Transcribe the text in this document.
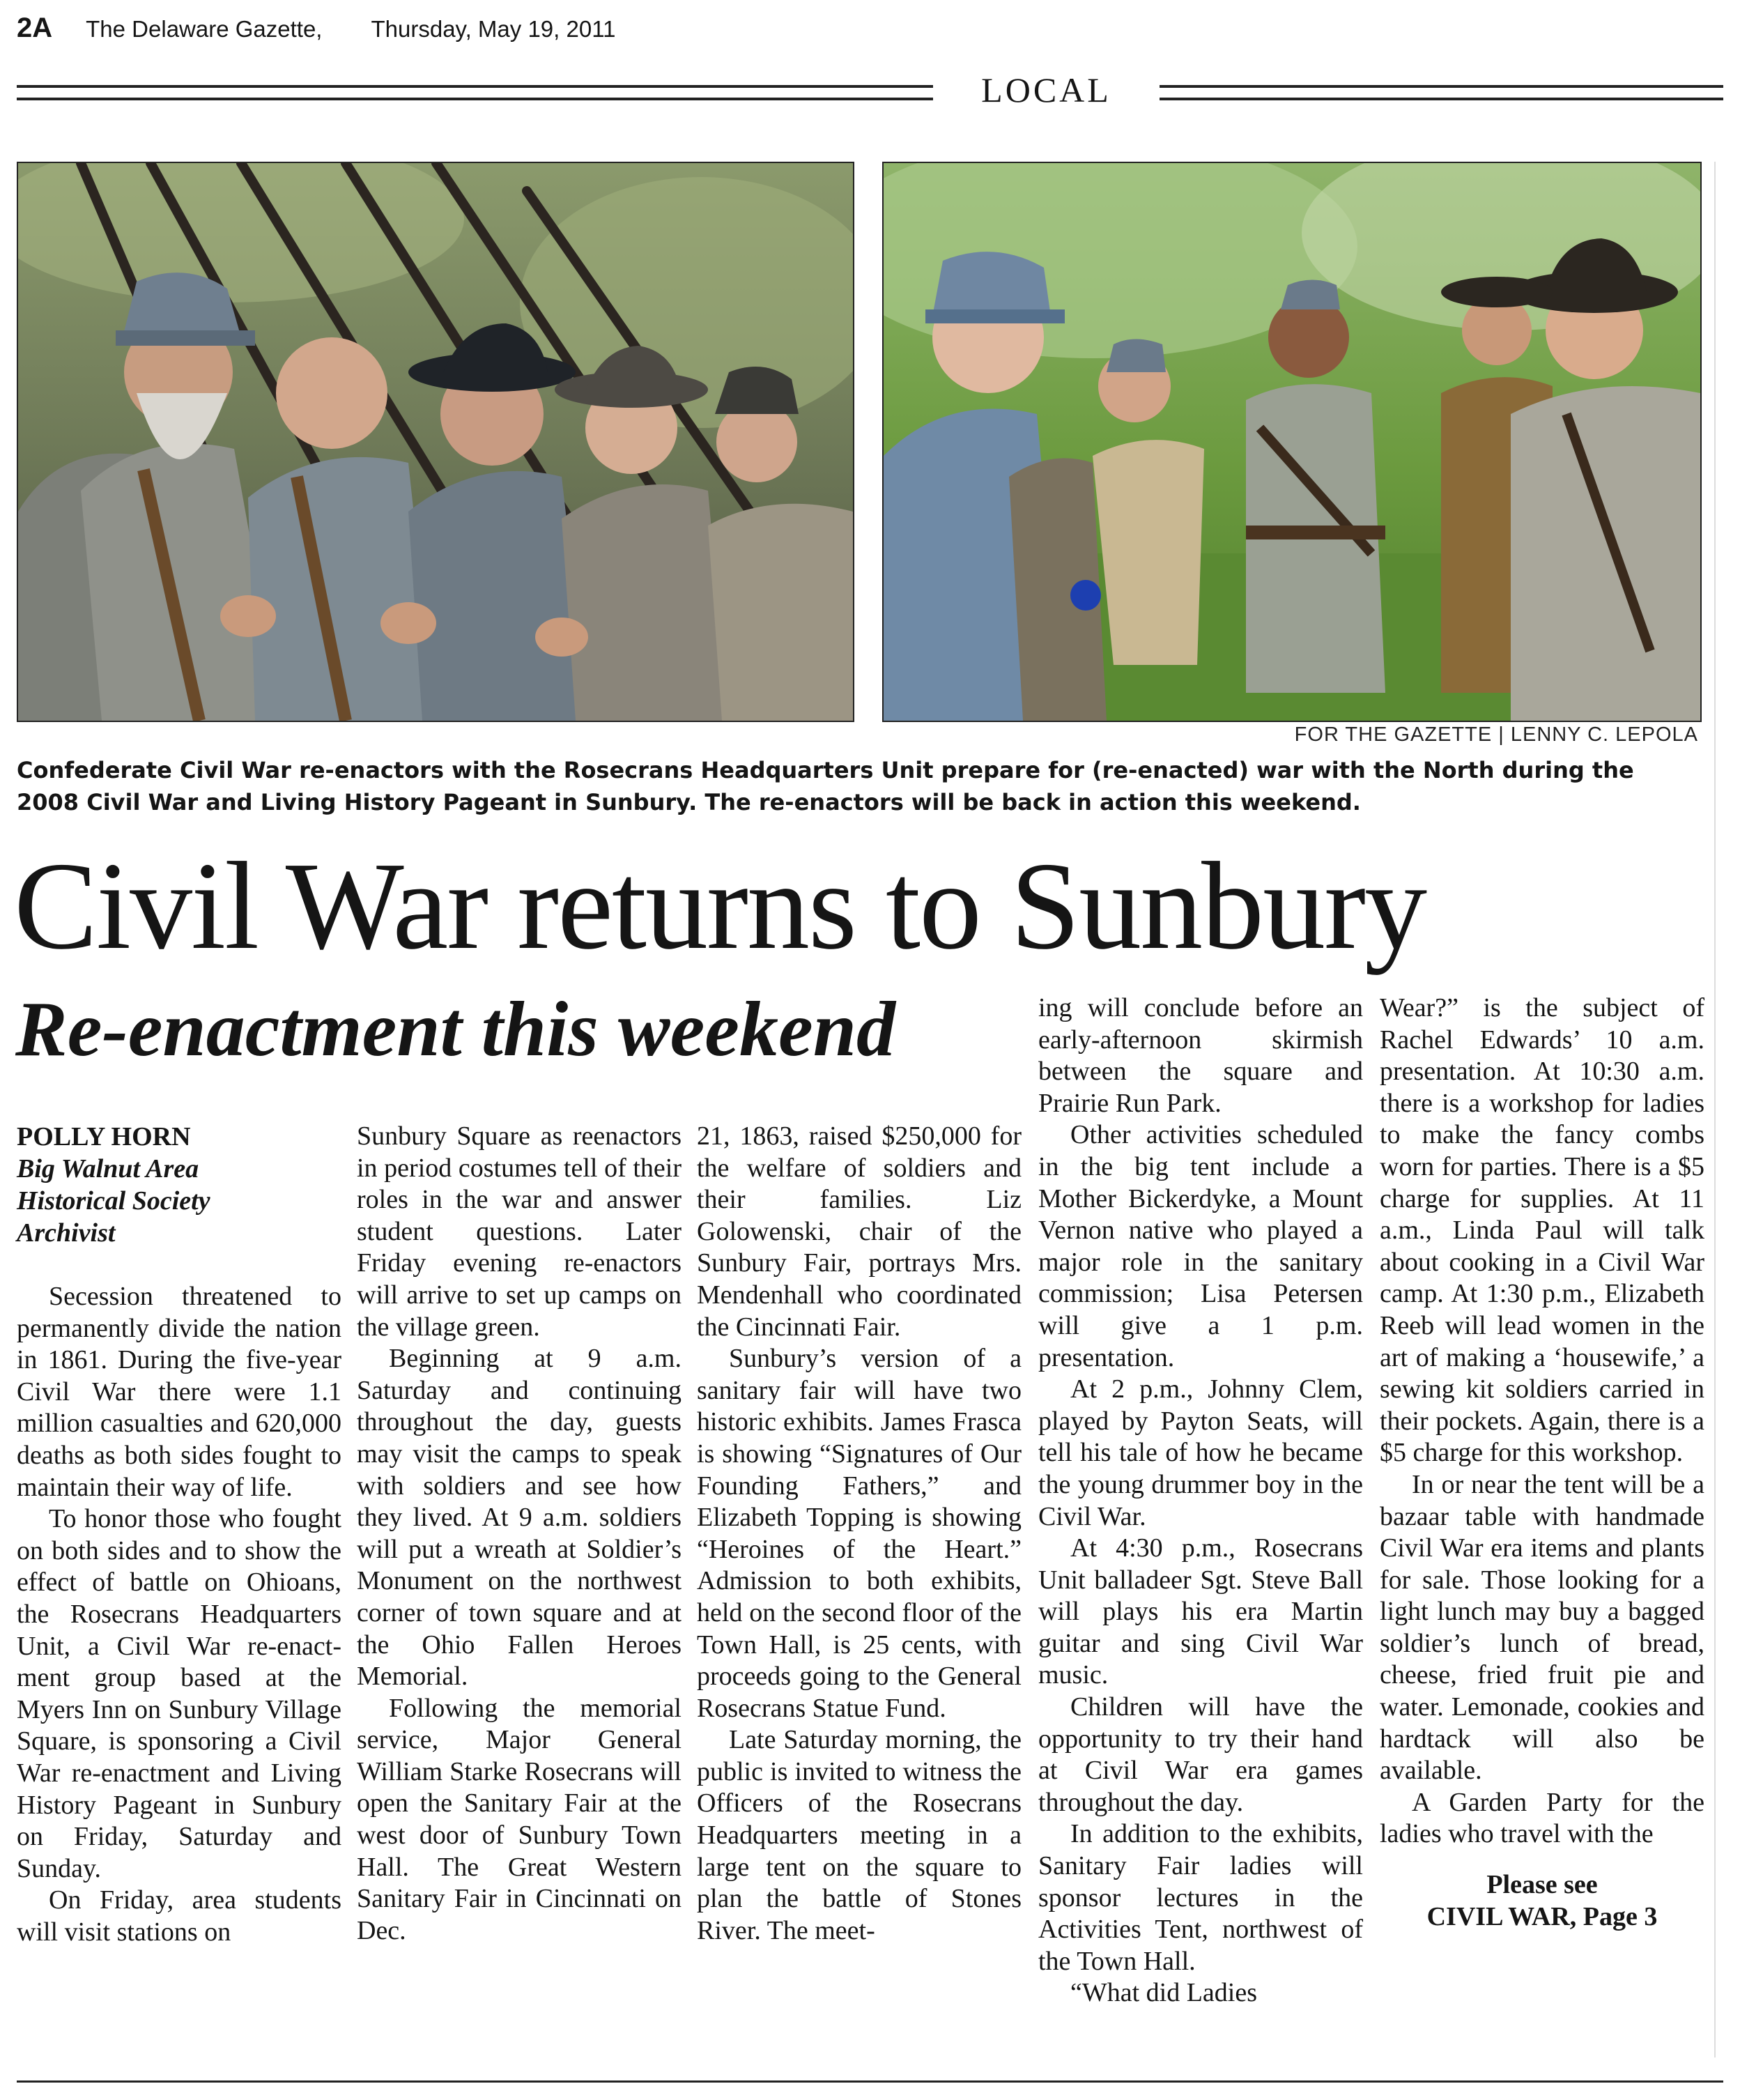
2A The Delaware Gazette, Thursday, May 19, 2011
LOCAL
FOR THE GAZETTE | LENNY C. LEPOLA
Confederate Civil War re-enactors with the Rosecrans Headquarters Unit prepare for (re-enacted) war with the North during the 2008 Civil War and Living History Pageant in Sunbury. The re-enactors will be back in action this weekend.
Civil War returns to Sunbury
Re-enactment this weekend
POLLY HORN
Big Walnut Area
Historical Society
Archivist

Secession threatened to permanently divide the nation in 1861. During the five-year Civil War there were 1.1 million casualties and 620,000 deaths as both sides fought to maintain their way of life.

To honor those who fought on both sides and to show the effect of battle on Ohioans, the Rosecrans Headquarters Unit, a Civil War re-enactment group based at the Myers Inn on Sunbury Village Square, is sponsoring a Civil War re-enactment and Living History Pageant in Sunbury on Friday, Saturday and Sunday.

On Friday, area students will visit stations on

Sunbury Square as reenactors in period costumes tell of their roles in the war and answer student questions. Later Friday evening re-enactors will arrive to set up camps on the village green.

Beginning at 9 a.m. Saturday and continuing throughout the day, guests may visit the camps to speak with soldiers and see how they lived. At 9 a.m. soldiers will put a wreath at Soldier’s Monument on the northwest corner of town square and at the Ohio Fallen Heroes Memorial.

Following the memorial service, Major General William Starke Rosecrans will open the Sanitary Fair at the west door of Sunbury Town Hall. The Great Western Sanitary Fair in Cincinnati on Dec.

21, 1863, raised $250,000 for the welfare of soldiers and their families. Liz Golowenski, chair of the Sunbury Fair, portrays Mrs. Mendenhall who coordinated the Cincinnati Fair.

Sunbury’s version of a sanitary fair will have two historic exhibits. James Frasca is showing “Signatures of Our Founding Fathers,” and Elizabeth Topping is showing “Heroines of the Heart.” Admission to both exhibits, held on the second floor of the Town Hall, is 25 cents, with proceeds going to the General Rosecrans Statue Fund.

Late Saturday morning, the public is invited to witness the Officers of the Rosecrans Headquarters meeting in a large tent on the square to plan the battle of Stones River. The meet-

ing will conclude before an early-afternoon skirmish between the square and Prairie Run Park.

Other activities scheduled in the big tent include a Mother Bickerdyke, a Mount Vernon native who played a major role in the sanitary commission; Lisa Petersen will give a 1 p.m. presentation.

At 2 p.m., Johnny Clem, played by Payton Seats, will tell his tale of how he became the young drummer boy in the Civil War.

At 4:30 p.m., Rosecrans Unit balladeer Sgt. Steve Ball will plays his era Martin guitar and sing Civil War music.

Children will have the opportunity to try their hand at Civil War era games throughout the day.

In addition to the exhibits, Sanitary Fair ladies will sponsor lectures in the Activities Tent, northwest of the Town Hall.

“What did Ladies

Wear?” is the subject of Rachel Edwards’ 10 a.m. presentation. At 10:30 a.m. there is a workshop for ladies to make the fancy combs worn for parties. There is a $5 charge for supplies. At 11 a.m., Linda Paul will talk about cooking in a Civil War camp. At 1:30 p.m., Elizabeth Reeb will lead women in the art of making a ‘housewife,’ a sewing kit soldiers carried in their pockets. Again, there is a $5 charge for this workshop.

In or near the tent will be a bazaar table with handmade Civil War era items and plants for sale. Those looking for a light lunch may buy a bagged soldier’s lunch of bread, cheese, fried fruit pie and water. Lemonade, cookies and hardtack will also be available.

A Garden Party for the ladies who travel with the

Please see
CIVIL WAR, Page 3
